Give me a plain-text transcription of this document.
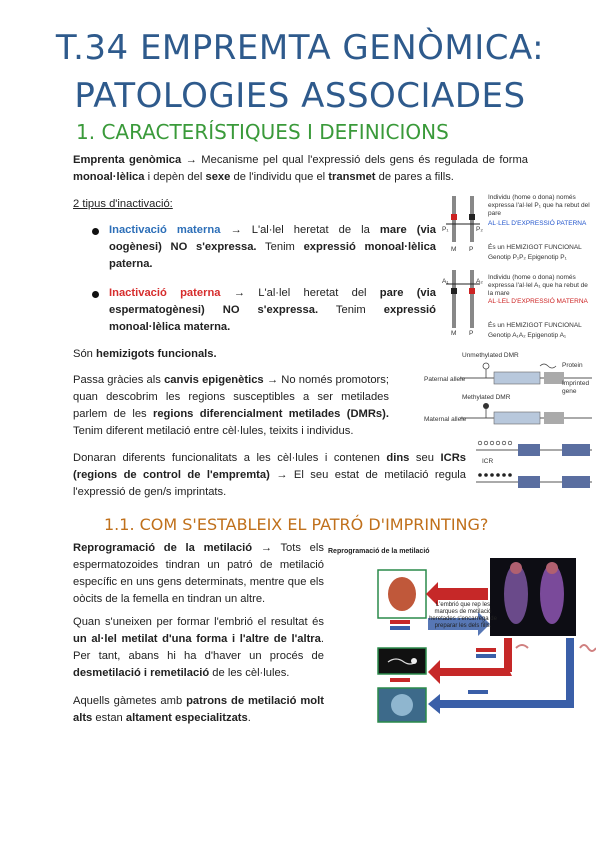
T.34 EMPREMTA GENÒMICA:
PATOLOGIES ASSOCIADES
1. CARACTERÍSTIQUES I DEFINICIONS
Emprenta genòmica → Mecanisme pel qual l'expressió dels gens és regulada de forma monoal·lèlica i depèn del sexe de l'individu que el transmet de pares a fills.
2 tipus d'inactivació:
Inactivació materna → L'al·lel heretat de la mare (via oogènesi) NO s'expressa. Tenim expressió monoal·lèlica paterna.
Inactivació paterna → L'al·lel heretat del pare (via espermatogènesi) NO s'expressa. Tenim expressió monoal·lèlica materna.
Són hemizigots funcionals.
Passa gràcies als canvis epigenètics → No només promotors; quan descobrim les regions susceptibles a ser metilades parlem de les regions diferencialment metilades (DMRs). Tenim diferent metilació entre cèl·lules, teixits i individus.
Donaran diferents funcionalitats a les cèl·lules i contenen dins seu ICRs (regions de control de l'empremta) → El seu estat de metilació regula l'expressió de gen/s imprintats.
P₁	P₂
M P
A₁	A₂
M P
Individu (home o dona) només expressa l'al·lel P₁ que ha rebut del pare
AL·LEL D'EXPRESSIÓ PATERNA
És un HEMIZIGOT FUNCIONAL
Genotip P₁P₂ Epigenotip P₁
Individu (home o dona) només expressa l'al·lel A₁ que ha rebut de la mare
AL·LEL D'EXPRESSIÓ MATERNA
És un HEMIZIGOT FUNCIONAL
Genotip A₁A₂ Epigenotip A₁
Unmethylated DMR
Paternal allele
Protein
Imprinted gene
Methylated DMR
Maternal allele
ICR
1.1. COM S'ESTABLEIX EL PATRÓ D'IMPRINTING?
Reprogramació de la metilació → Tots els espermatozoides tindran un patró de metilació específic en uns gens determinats, mentre que els oòcits de la femella en tindran un altre.
Quan s'uneixen per formar l'embrió el resultat és un al·lel metilat d'una forma i l'altre de l'altra. Per tant, abans hi ha d'haver un procés de desmetilació i remetilació de les cèl·lules.
Aquells gàmetes amb patrons de metilació molt alts estan altament especialitzats.
Reprogramació de la metilació
L'embrió que rep les marques de metilació heretades s'encarrega de preparar les dels fills.
